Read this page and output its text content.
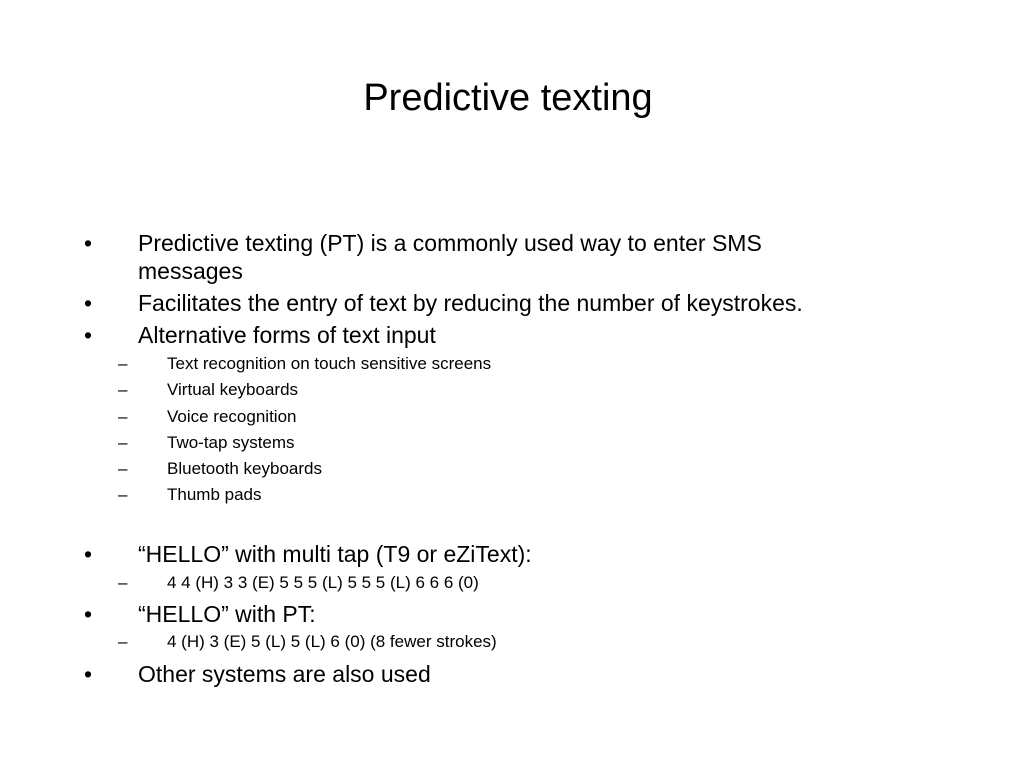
Predictive texting
• Predictive texting (PT) is a commonly used way to enter SMS
messages
• Facilitates the entry of text by reducing the number of keystrokes.
• Alternative forms of text input
– Text recognition on touch sensitive screens
– Virtual keyboards
– Voice recognition
– Two-tap systems
– Bluetooth keyboards
– Thumb pads
• “HELLO” with multi tap (T9 or eZiText):
– 4 4 (H) 3 3 (E) 5 5 5 (L) 5 5 5 (L) 6 6 6 (0)
• “HELLO” with PT:
– 4 (H) 3 (E) 5 (L) 5 (L) 6 (0) (8 fewer strokes)
• Other systems are also used
